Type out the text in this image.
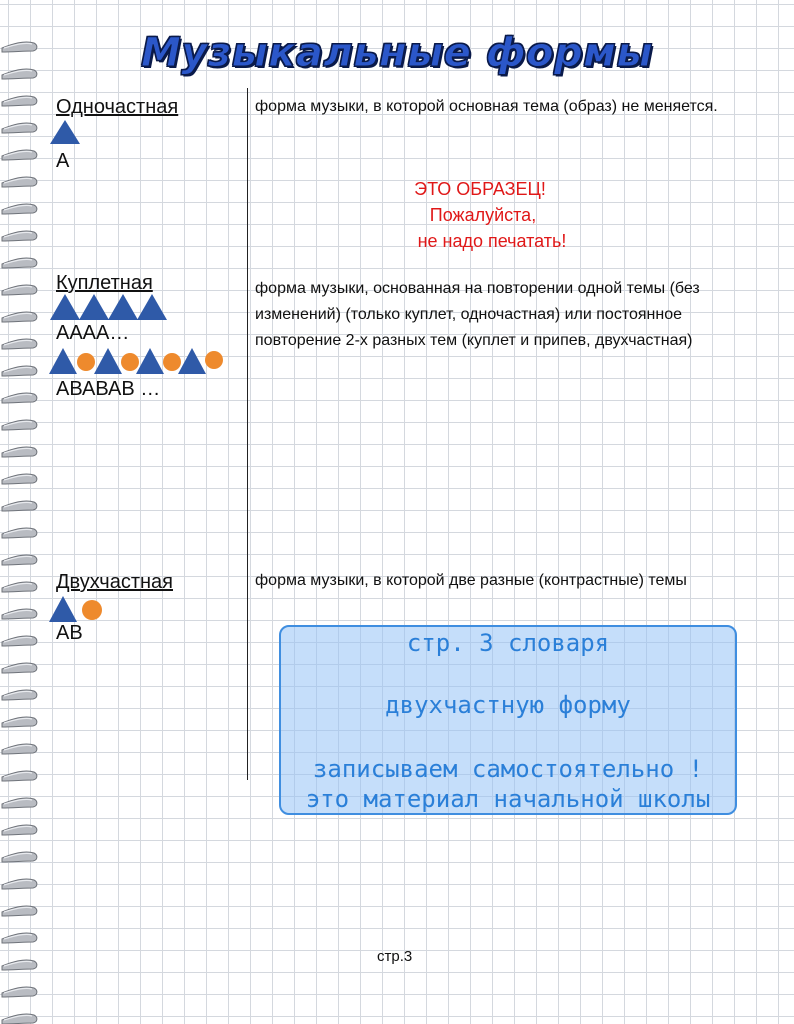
Музыкальные формы
Одночастная
А
форма музыки, в которой основная тема (образ) не меняется.
ЭТО ОБРАЗЕЦ!
Пожалуйста,
не надо печатать!
Куплетная
АААА…
АВАВАВ …
форма музыки, основанная на повторении одной темы (без изменений) (только куплет, одночастная) или постоянное повторение 2-х разных тем (куплет и припев, двухчастная)
Двухчастная
АВ
форма музыки, в которой две разные (контрастные) темы
стр. 3 словаря
двухчастную форму
записываем самостоятельно !
это материал начальной школы
стр.3
